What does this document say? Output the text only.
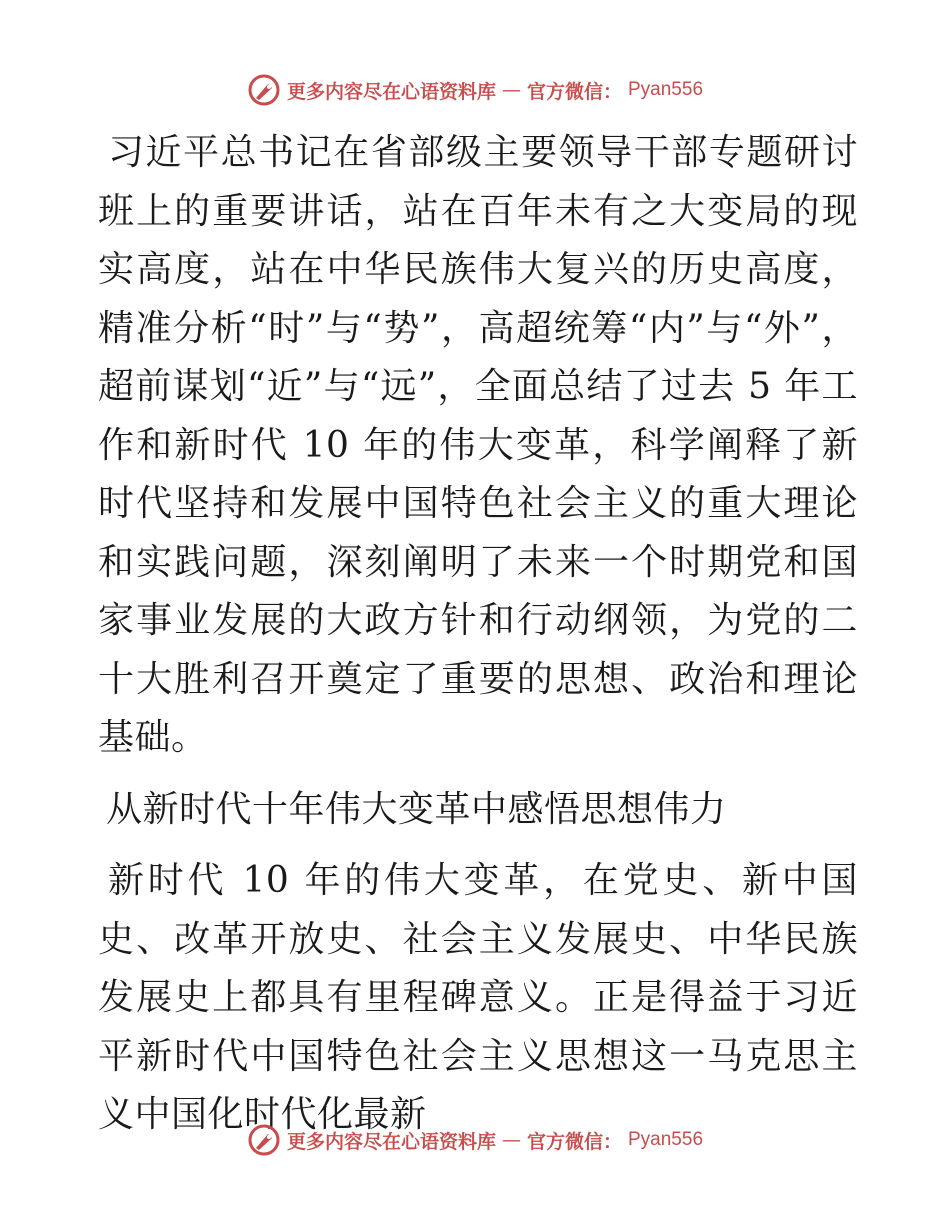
更多内容尽在心语资料库 — 官方微信： Pyan556

习近平总书记在省部级主要领导干部专题研讨班上的重要讲话，站在百年未有之大变局的现实高度，站在中华民族伟大复兴的历史高度，精准分析“时”与“势”，高超统筹“内”与“外”，超前谋划“近”与“远”，全面总结了过去 5 年工作和新时代 10 年的伟大变革，科学阐释了新时代坚持和发展中国特色社会主义的重大理论和实践问题，深刻阐明了未来一个时期党和国家事业发展的大政方针和行动纲领，为党的二十大胜利召开奠定了重要的思想、政治和理论基础。

从新时代十年伟大变革中感悟思想伟力

新时代 10 年的伟大变革，在党史、新中国史、改革开放史、社会主义发展史、中华民族发展史上都具有里程碑意义。正是得益于习近平新时代中国特色社会主义思想这一马克思主义中国化时代化最新

更多内容尽在心语资料库 — 官方微信： Pyan556
